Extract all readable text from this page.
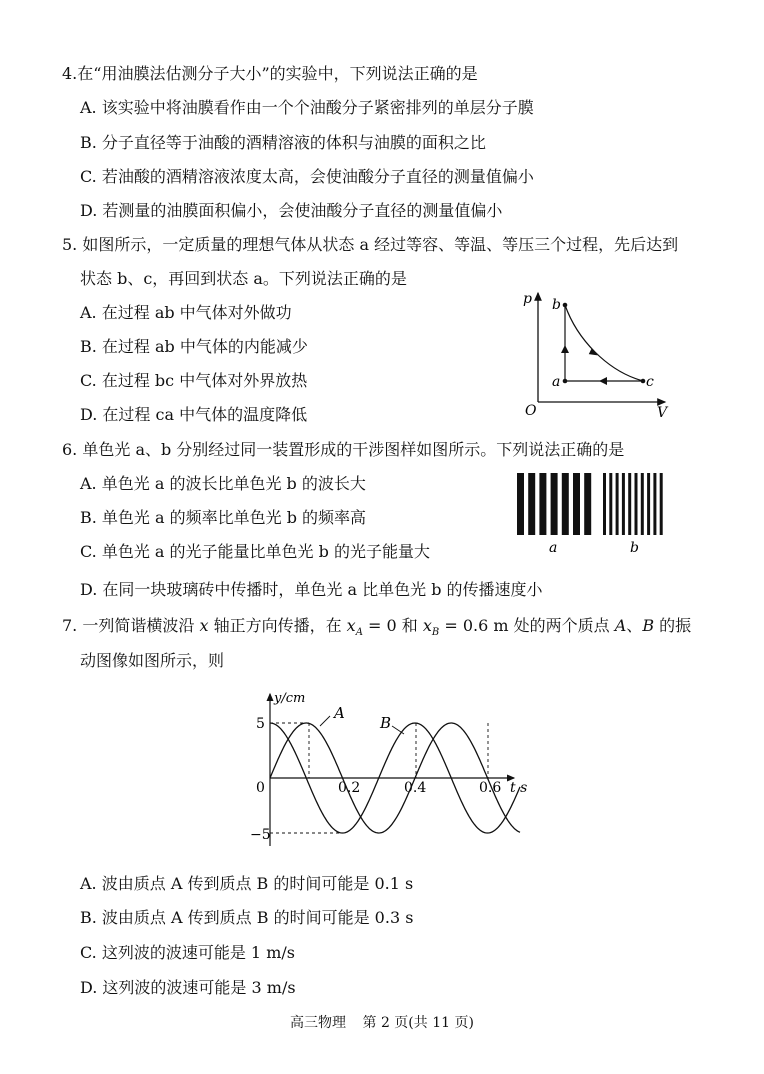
4.在“用油膜法估测分子大小”的实验中，下列说法正确的是
A. 该实验中将油膜看作由一个个油酸分子紧密排列的单层分子膜
B. 分子直径等于油酸的酒精溶液的体积与油膜的面积之比
C. 若油酸的酒精溶液浓度太高，会使油酸分子直径的测量值偏小
D. 若测量的油膜面积偏小，会使油酸分子直径的测量值偏小
5. 如图所示，一定质量的理想气体从状态 a 经过等容、等温、等压三个过程，先后达到
状态 b、c，再回到状态 a。下列说法正确的是
A. 在过程 ab 中气体对外做功
B. 在过程 ab 中气体的内能减少
C. 在过程 bc 中气体对外界放热
D. 在过程 ca 中气体的温度降低
p
V
O
b
a	c
6. 单色光 a、b 分别经过同一装置形成的干涉图样如图所示。下列说法正确的是
A. 单色光 a 的波长比单色光 b 的波长大
B. 单色光 a 的频率比单色光 b 的频率高
C. 单色光 a 的光子能量比单色光 b 的光子能量大
D. 在同一块玻璃砖中传播时，单色光 a 比单色光 b 的传播速度小
a	b
7. 一列简谐横波沿 x 轴正方向传播，在 $x_A = 0$ 和 $x_B = 0.6$ m 处的两个质点 A、B 的振
动图像如图所示，则
y/cm
t s
0	0.2	0.4	0.6
5
−5
A
B
A. 波由质点 A 传到质点 B 的时间可能是 0.1 s
B. 波由质点 A 传到质点 B 的时间可能是 0.3 s
C. 这列波的波速可能是 1 m/s
D. 这列波的波速可能是 3 m/s
高三物理 第 2 页(共 11 页)
